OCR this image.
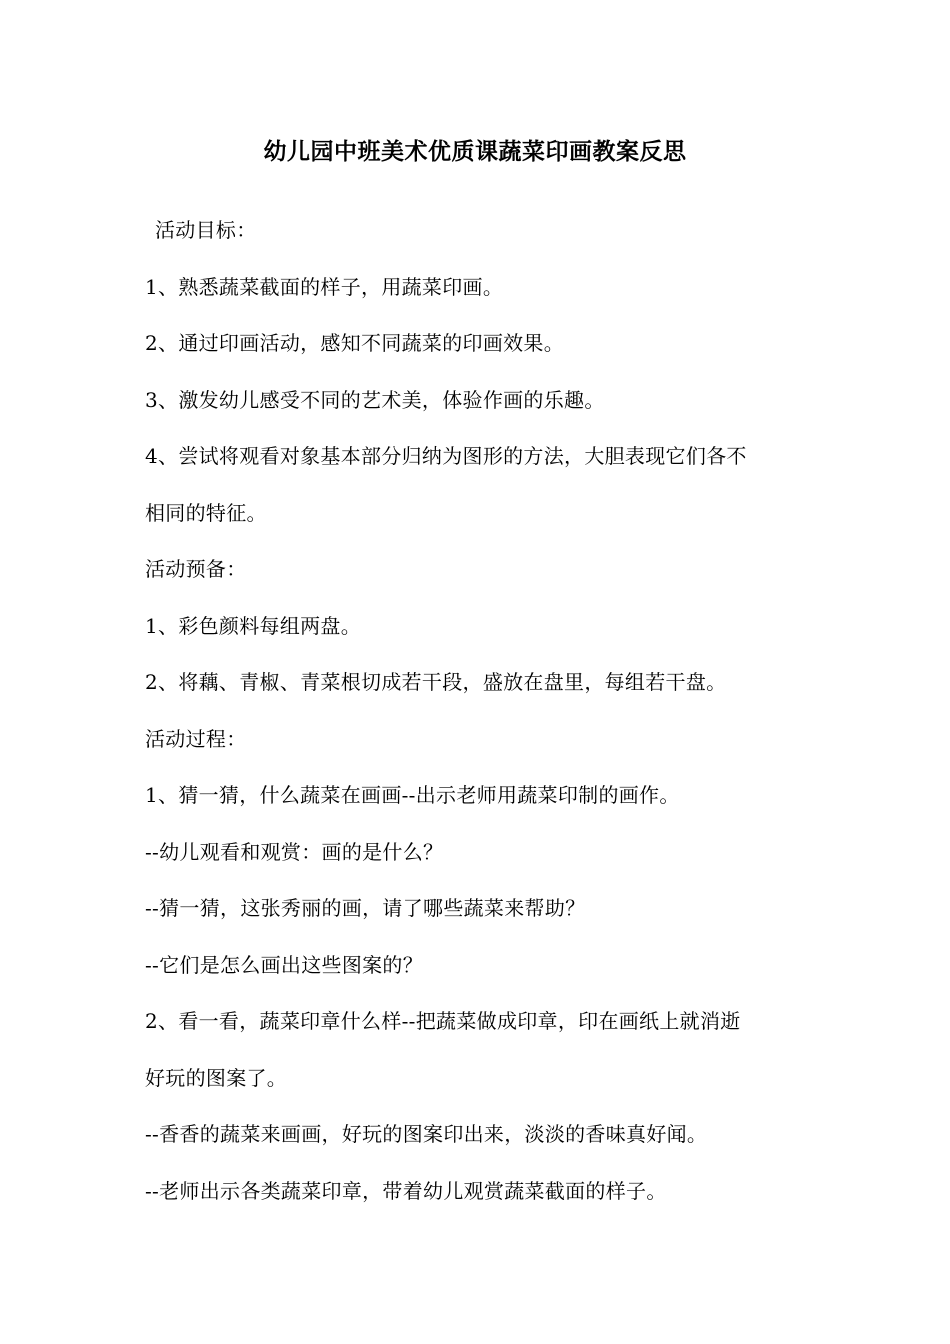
幼儿园中班美术优质课蔬菜印画教案反思
活动目标：
1、熟悉蔬菜截面的样子，用蔬菜印画。
2、通过印画活动，感知不同蔬菜的印画效果。
3、激发幼儿感受不同的艺术美，体验作画的乐趣。
4、尝试将观看对象基本部分归纳为图形的方法，大胆表现它们各不
相同的特征。
活动预备：
1、彩色颜料每组两盘。
2、将藕、青椒、青菜根切成若干段，盛放在盘里，每组若干盘。
活动过程：
1、猜一猜，什么蔬菜在画画--出示老师用蔬菜印制的画作。
--幼儿观看和观赏：画的是什么？
--猜一猜，这张秀丽的画，请了哪些蔬菜来帮助？
--它们是怎么画出这些图案的？
2、看一看，蔬菜印章什么样--把蔬菜做成印章，印在画纸上就消逝
好玩的图案了。
--香香的蔬菜来画画，好玩的图案印出来，淡淡的香味真好闻。
--老师出示各类蔬菜印章，带着幼儿观赏蔬菜截面的样子。
